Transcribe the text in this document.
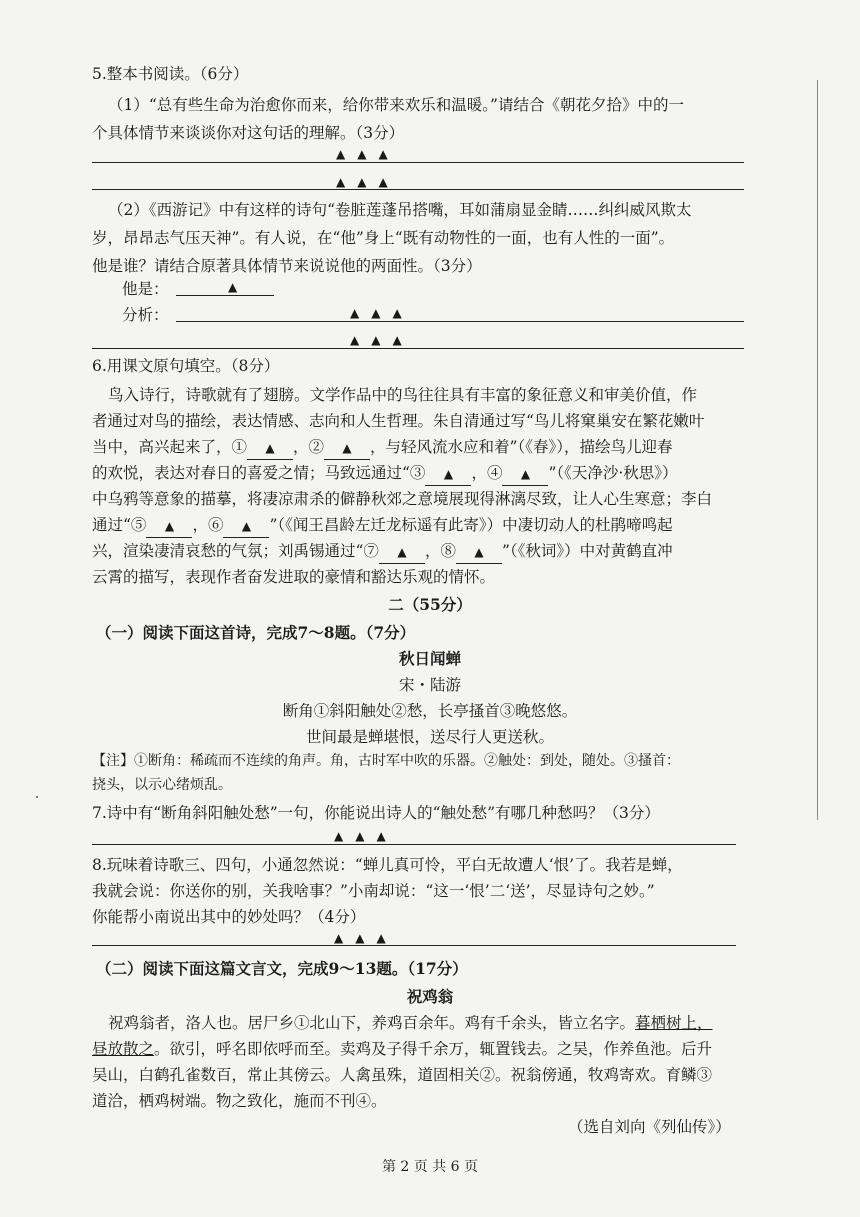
5.整本书阅读。（6分）
（1）“总有些生命为治愈你而来，给你带来欢乐和温暖。”请结合《朝花夕拾》中的一
个具体情节来谈谈你对这句话的理解。（3分）
▲　▲　▲
▲　▲　▲
（2）《西游记》中有这样的诗句“卷脏莲蓬吊搭嘴，耳如蒲扇显金睛……纠纠威风欺太
岁，昂昂志气压天神”。有人说，在“他”身上“既有动物性的一面，也有人性的一面”。
他是谁？请结合原著具体情节来说说他的两面性。（3分）
他是：	▲
分析：	▲　▲　▲
▲　▲　▲
6.用课文原句填空。（8分）
鸟入诗行，诗歌就有了翅膀。文学作品中的鸟往往具有丰富的象征意义和审美价值，作
者通过对鸟的描绘，表达情感、志向和人生哲理。朱自清通过写“鸟儿将窠巢安在繁花嫩叶
当中，高兴起来了，① ▲ ，② ▲ ，与轻风流水应和着”（《春》），描绘鸟儿迎春
的欢悦，表达对春日的喜爱之情；马致远通过“③ ▲ ，④ ▲ ”（《天净沙·秋思》）
中乌鸦等意象的描摹，将凄凉肃杀的僻静秋郊之意境展现得淋漓尽致，让人心生寒意；李白
通过“⑤ ▲ ，⑥ ▲ ”（《闻王昌龄左迁龙标遥有此寄》）中凄切动人的杜鹃啼鸣起
兴，渲染凄清哀愁的气氛；刘禹锡通过“⑦ ▲ ，⑧ ▲ ”（《秋词》）中对黄鹤直冲
云霄的描写，表现作者奋发进取的豪情和豁达乐观的情怀。
二（55分）
（一）阅读下面这首诗，完成7～8题。（7分）
秋日闻蝉
宋・陆游
断角①斜阳触处②愁，长亭搔首③晚悠悠。
世间最是蝉堪恨，送尽行人更送秋。
【注】①断角：稀疏而不连续的角声。角，古时军中吹的乐器。②触处：到处，随处。③搔首：
挠头，以示心绪烦乱。
7.诗中有“断角斜阳触处愁”一句，你能说出诗人的“触处愁”有哪几种愁吗？（3分）
▲　▲　▲
8.玩味着诗歌三、四句，小通忽然说：“蝉儿真可怜，平白无故遭人‘恨’了。我若是蝉，
我就会说：你送你的别，关我啥事？”小南却说：“这一‘恨’二‘送’，尽显诗句之妙。”
你能帮小南说出其中的妙处吗？（4分）
▲　▲　▲
（二）阅读下面这篇文言文，完成9～13题。（17分）
祝鸡翁
祝鸡翁者，洛人也。居尸乡①北山下，养鸡百余年。鸡有千余头，皆立名字。暮栖树上，
昼放散之。欲引，呼名即依呼而至。卖鸡及子得千余万，辄置钱去。之吴，作养鱼池。后升
吴山，白鹤孔雀数百，常止其傍云。人禽虽殊，道固相关②。祝翁傍通，牧鸡寄欢。育鳞③
道洽，栖鸡树端。物之致化，施而不刊④。
（选自刘向《列仙传》）
第 2 页 共 6 页
